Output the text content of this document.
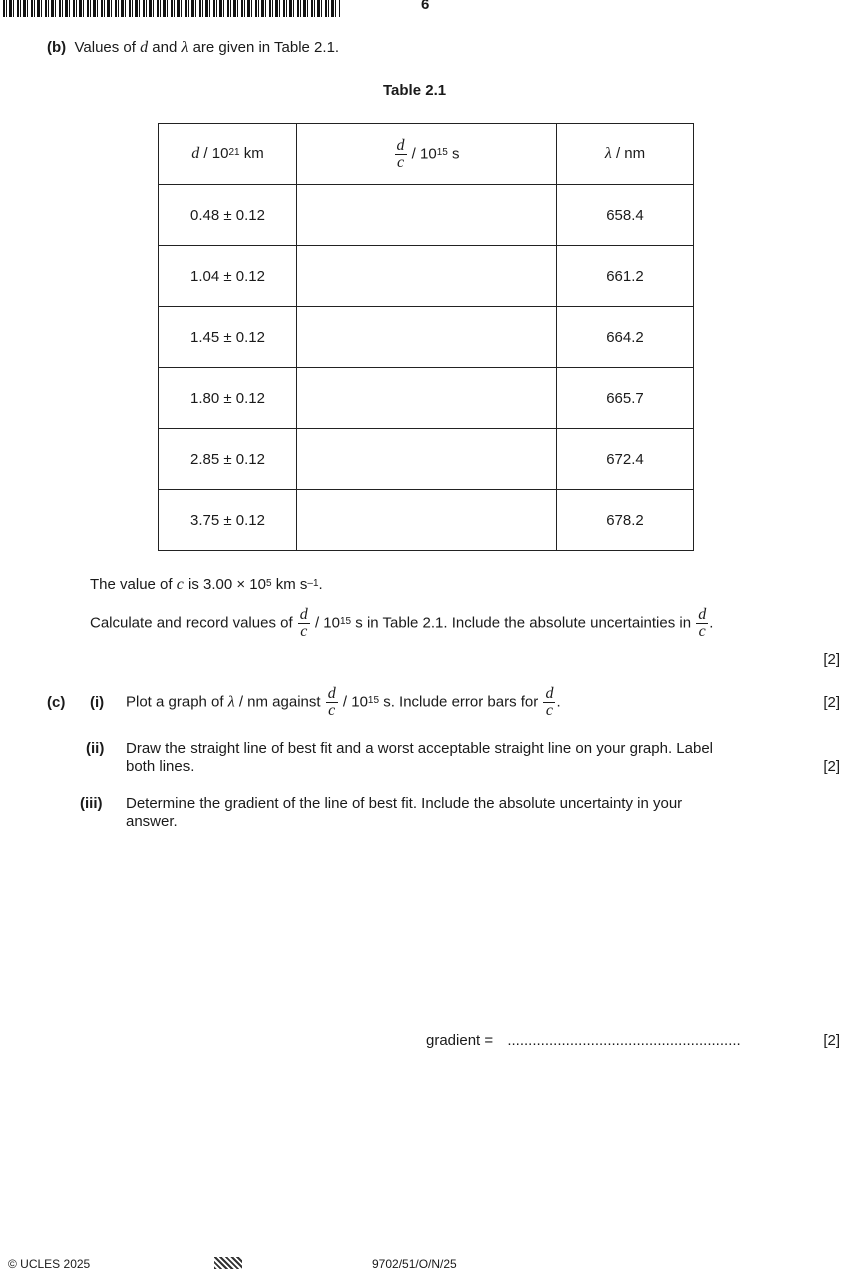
6
(b) Values of d and λ are given in Table 2.1.
Table 2.1
d / $10^{21}$ km	$\frac{d}{c} / 10^{15}$ s	λ / nm
0.48 ± 0.12		658.4
1.04 ± 0.12		661.2
1.45 ± 0.12		664.2
1.80 ± 0.12		665.7
2.85 ± 0.12		672.4
3.75 ± 0.12		678.2
The value of c is $3.00 \times 10^5$ km $s^{-1}$.
Calculate and record values of $\frac{d}{c} / 10^{15}$ s in Table 2.1. Include the absolute uncertainties in $\frac{d}{c}$ .
[2]
(c) (i) Plot a graph of λ / nm against $\frac{d}{c} / 10^{15}$ s. Include error bars for $\frac{d}{c}$ .	[2]
(ii) Draw the straight line of best fit and a worst acceptable straight line on your graph. Label
both lines.	[2]
(iii) Determine the gradient of the line of best fit. Include the absolute uncertainty in your
answer.
gradient = ........................................................	[2]
© UCLES 2025	9702/51/O/N/25
